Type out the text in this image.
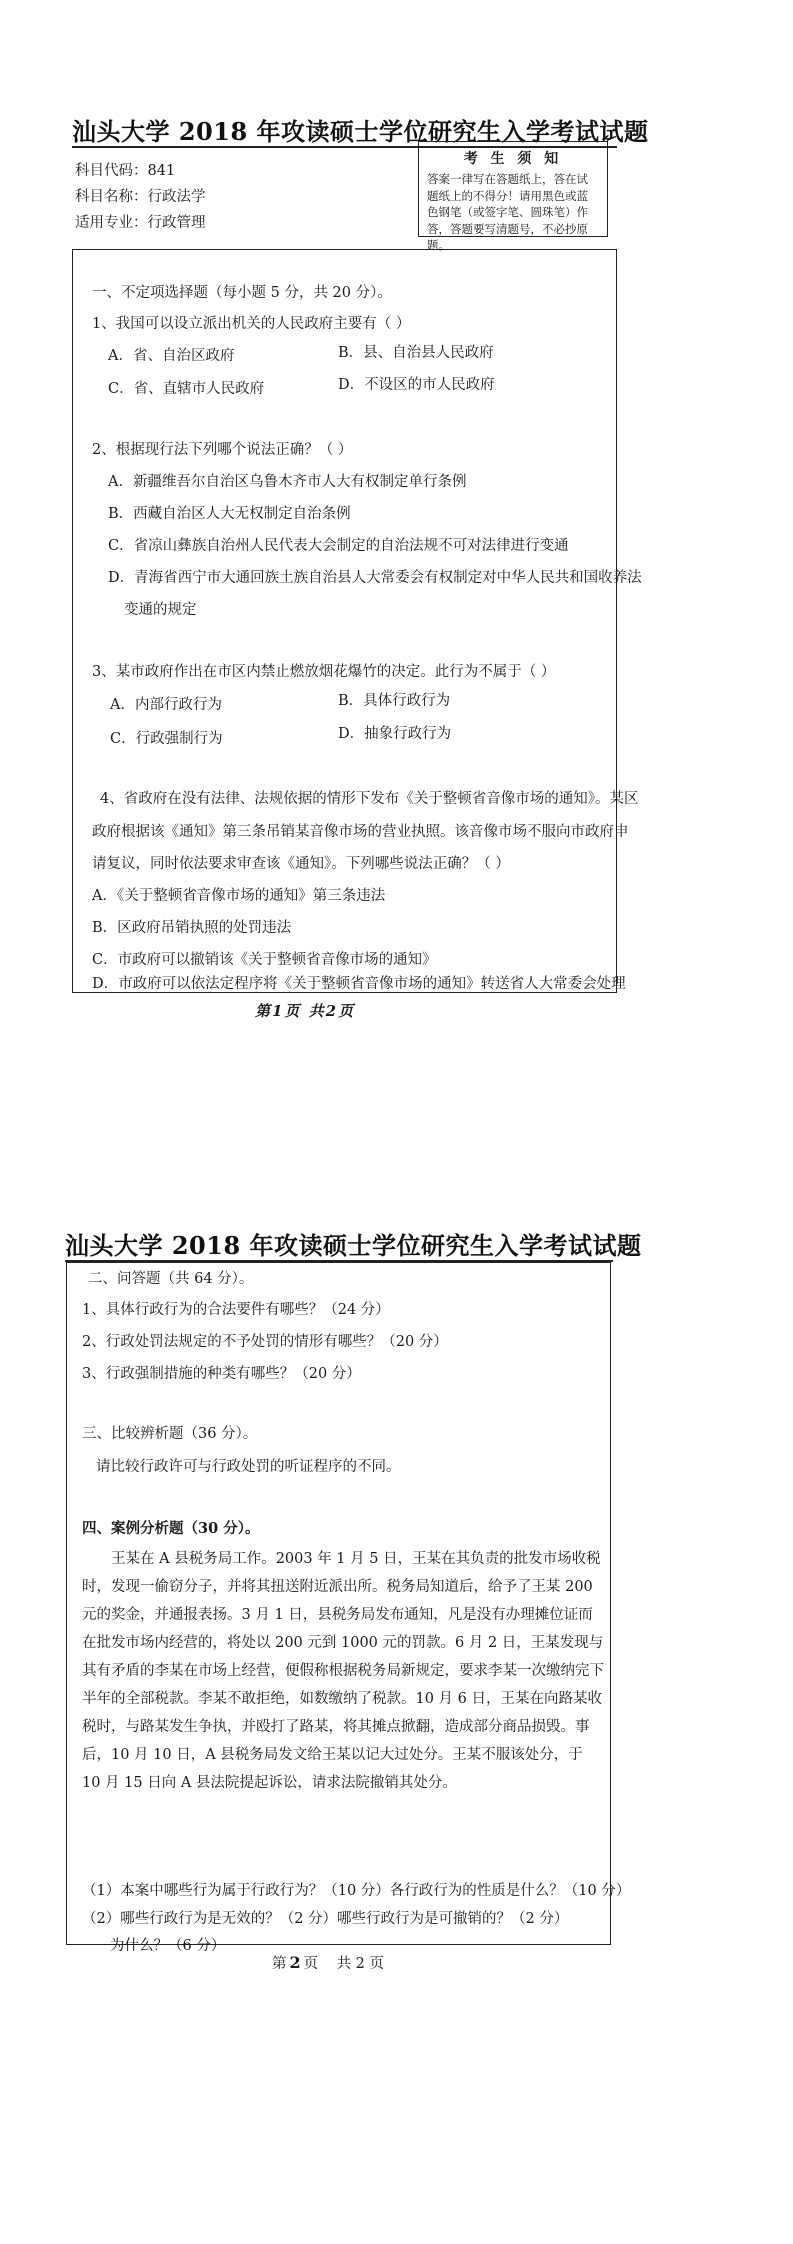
汕头大学 2018 年攻读硕士学位研究生入学考试试题
科目代码：841
科目名称：行政法学
适用专业：行政管理
考 生 须 知
答案一律写在答题纸上，答在试题纸上的不得分！请用黑色或蓝色钢笔（或签字笔、圆珠笔）作答，答题要写清题号，不必抄原题。
一、不定项选择题（每小题 5 分，共 20 分）。
1、我国可以设立派出机关的人民政府主要有（ ）
A．省、自治区政府	B．县、自治县人民政府
C．省、直辖市人民政府	D．不设区的市人民政府
2、根据现行法下列哪个说法正确？（ ）
A．新疆维吾尔自治区乌鲁木齐市人大有权制定单行条例
B．西藏自治区人大无权制定自治条例
C．省凉山彝族自治州人民代表大会制定的自治法规不可对法律进行变通
D．青海省西宁市大通回族土族自治县人大常委会有权制定对中华人民共和国收养法
变通的规定
3、某市政府作出在市区内禁止燃放烟花爆竹的决定。此行为不属于（ ）
A．内部行政行为	B．具体行政行为
C．行政强制行为	D．抽象行政行为
4、省政府在没有法律、法规依据的情形下发布《关于整顿省音像市场的通知》。某区
政府根据该《通知》第三条吊销某音像市场的营业执照。该音像市场不服向市政府申
请复议，同时依法要求审查该《通知》。下列哪些说法正确？（ ）
A．《关于整顿省音像市场的通知》第三条违法
B．区政府吊销执照的处罚违法
C．市政府可以撤销该《关于整顿省音像市场的通知》
D．市政府可以依法定程序将《关于整顿省音像市场的通知》转送省人大常委会处理
第1页 共2页
汕头大学 2018 年攻读硕士学位研究生入学考试试题
二、问答题（共 64 分）。
1、具体行政行为的合法要件有哪些？（24 分）
2、行政处罚法规定的不予处罚的情形有哪些？（20 分）
3、行政强制措施的种类有哪些？（20 分）
三、比较辨析题（36 分）。
请比较行政许可与行政处罚的听证程序的不同。
四、案例分析题（30 分）。
王某在 A 县税务局工作。2003 年 1 月 5 日，王某在其负责的批发市场收税时，发现一偷窃分子，并将其扭送附近派出所。税务局知道后，给予了王某 200 元的奖金，并通报表扬。3 月 1 日，县税务局发布通知，凡是没有办理摊位证而在批发市场内经营的，将处以 200 元到 1000 元的罚款。6 月 2 日，王某发现与其有矛盾的李某在市场上经营，便假称根据税务局新规定，要求李某一次缴纳完下半年的全部税款。李某不敢拒绝，如数缴纳了税款。10 月 6 日，王某在向路某收税时，与路某发生争执，并殴打了路某，将其摊点掀翻，造成部分商品损毁。事后，10 月 10 日，A 县税务局发文给王某以记大过处分。王某不服该处分，于 10 月 15 日向 A 县法院提起诉讼，请求法院撤销其处分。
（1）本案中哪些行为属于行政行为？（10 分）各行政行为的性质是什么？（10 分）
（2）哪些行政行为是无效的？（2 分）哪些行政行为是可撤销的？（2 分）
为什么？（6 分）
第 2 页 共 2 页
